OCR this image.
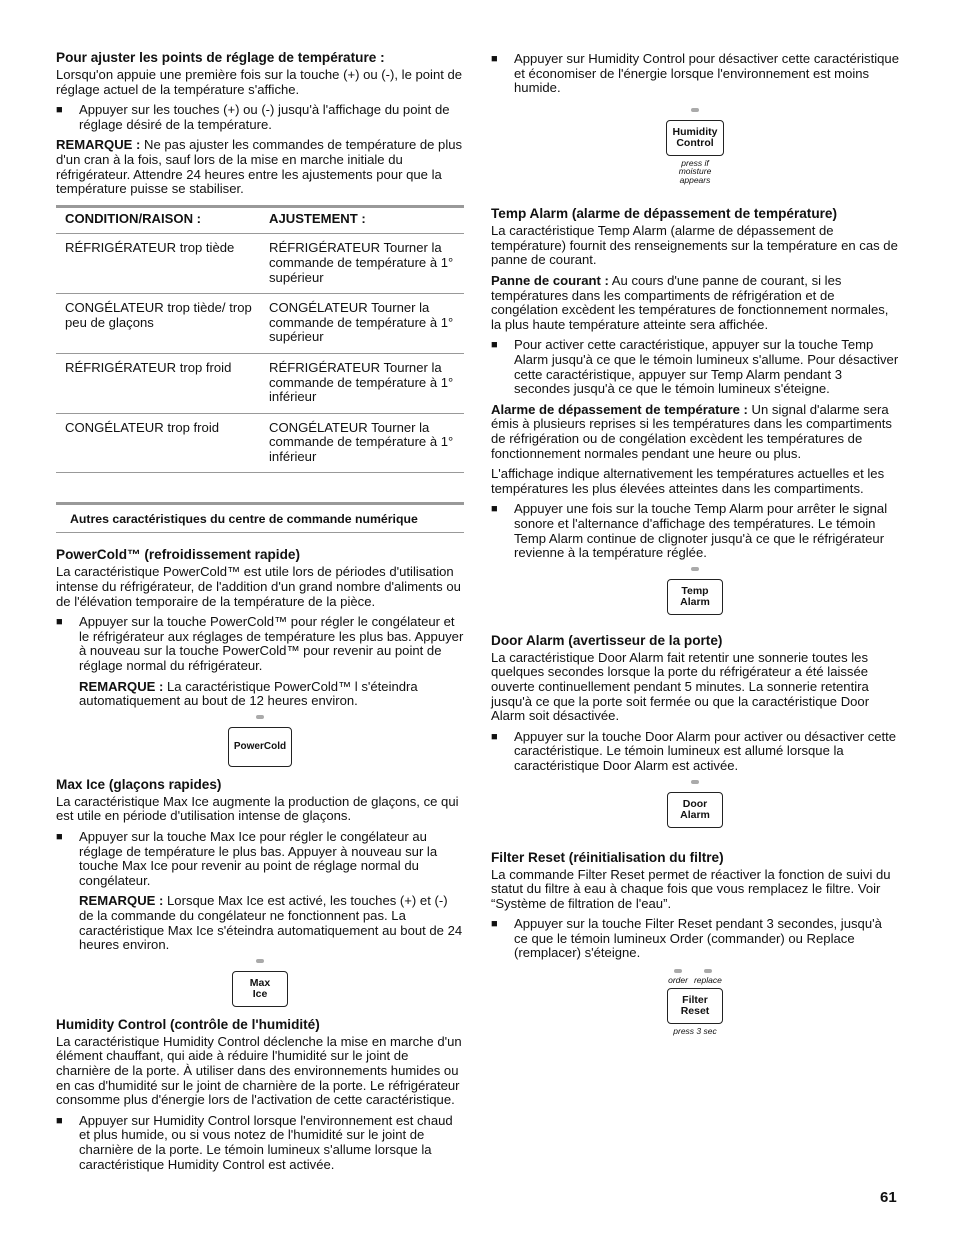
Pour ajuster les points de réglage de température :

Lorsqu'on appuie une première fois sur la touche (+) ou (-), le point de réglage actuel de la température s'affiche.

■ Appuyer sur les touches (+) ou (-) jusqu'à l'affichage du point de réglage désiré de la température.

REMARQUE : Ne pas ajuster les commandes de température de plus d'un cran à la fois, sauf lors de la mise en marche initiale du réfrigérateur. Attendre 24 heures entre les ajustements pour que la température puisse se stabiliser.

CONDITION/RAISON :	AJUSTEMENT :
RÉFRIGÉRATEUR trop tiède	RÉFRIGÉRATEUR Tourner la commande de température à 1° supérieur
CONGÉLATEUR trop tiède/ trop peu de glaçons	CONGÉLATEUR Tourner la commande de température à 1° supérieur
RÉFRIGÉRATEUR trop froid	RÉFRIGÉRATEUR Tourner la commande de température à 1° inférieur
CONGÉLATEUR trop froid	CONGÉLATEUR Tourner la commande de température à 1° inférieur
Autres caractéristiques du centre de commande numérique
PowerCold™ (refroidissement rapide)

La caractéristique PowerCold™ est utile lors de périodes d'utilisation intense du réfrigérateur, de l'addition d'un grand nombre d'aliments ou de l'élévation temporaire de la température de la pièce.

■ Appuyer sur la touche PowerCold™ pour régler le congélateur et le réfrigérateur aux réglages de température les plus bas. Appuyer à nouveau sur la touche PowerCold™ pour revenir au point de réglage normal du réfrigérateur.

REMARQUE : La caractéristique PowerCold™ l s'éteindra automatiquement au bout de 12 heures environ.

PowerCold
Max Ice (glaçons rapides)

La caractéristique Max Ice augmente la production de glaçons, ce qui est utile en période d'utilisation intense de glaçons.

■ Appuyer sur la touche Max Ice pour régler le congélateur au réglage de température le plus bas. Appuyer à nouveau sur la touche Max Ice pour revenir au point de réglage normal du congélateur.

REMARQUE : Lorsque Max Ice est activé, les touches (+) et (-) de la commande du congélateur ne fonctionnent pas. La caractéristique Max Ice s'éteindra automatiquement au bout de 24 heures environ.

Max
Ice
Humidity Control (contrôle de l'humidité)

La caractéristique Humidity Control déclenche la mise en marche d'un élément chauffant, qui aide à réduire l'humidité sur le joint de charnière de la porte. À utiliser dans des environnements humides ou en cas d'humidité sur le joint de charnière de la porte. Le réfrigérateur consomme plus d'énergie lors de l'activation de cette caractéristique.

■ Appuyer sur Humidity Control lorsque l'environnement est chaud et plus humide, ou si vous notez de l'humidité sur le joint de charnière de la porte. Le témoin lumineux s'allume lorsque la caractéristique Humidity Control est activée.

■ Appuyer sur Humidity Control pour désactiver cette caractéristique et économiser de l'énergie lorsque l'environnement est moins humide.

Humidity
Control
press if
moisture
appears
Temp Alarm (alarme de dépassement de température)

La caractéristique Temp Alarm (alarme de dépassement de température) fournit des renseignements sur la température en cas de panne de courant.

Panne de courant : Au cours d'une panne de courant, si les températures dans les compartiments de réfrigération et de congélation excèdent les températures de fonctionnement normales, la plus haute température atteinte sera affichée.

■ Pour activer cette caractéristique, appuyer sur la touche Temp Alarm jusqu'à ce que le témoin lumineux s'allume. Pour désactiver cette caractéristique, appuyer sur Temp Alarm pendant 3 secondes jusqu'à ce que le témoin lumineux s'éteigne.

Alarme de dépassement de température : Un signal d'alarme sera émis à plusieurs reprises si les températures dans les compartiments de réfrigération ou de congélation excèdent les températures de fonctionnement normales pendant une heure ou plus.

L'affichage indique alternativement les températures actuelles et les températures les plus élevées atteintes dans les compartiments.

■ Appuyer une fois sur la touche Temp Alarm pour arrêter le signal sonore et l'alternance d'affichage des températures. Le témoin Temp Alarm continue de clignoter jusqu'à ce que le réfrigérateur revienne à la température réglée.

Temp
Alarm
Door Alarm (avertisseur de la porte)

La caractéristique Door Alarm fait retentir une sonnerie toutes les quelques secondes lorsque la porte du réfrigérateur a été laissée ouverte continuellement pendant 5 minutes. La sonnerie retentira jusqu'à ce que la porte soit fermée ou que la caractéristique Door Alarm soit désactivée.

■ Appuyer sur la touche Door Alarm pour activer ou désactiver cette caractéristique. Le témoin lumineux est allumé lorsque la caractéristique Door Alarm est activée.

Door
Alarm
Filter Reset (réinitialisation du filtre)

La commande Filter Reset permet de réactiver la fonction de suivi du statut du filtre à eau à chaque fois que vous remplacez le filtre. Voir “Système de filtration de l'eau”.

■ Appuyer sur la touche Filter Reset pendant 3 secondes, jusqu'à ce que le témoin lumineux Order (commander) ou Replace (remplacer) s'éteigne.

order replace
Filter
Reset
press 3 sec
61
